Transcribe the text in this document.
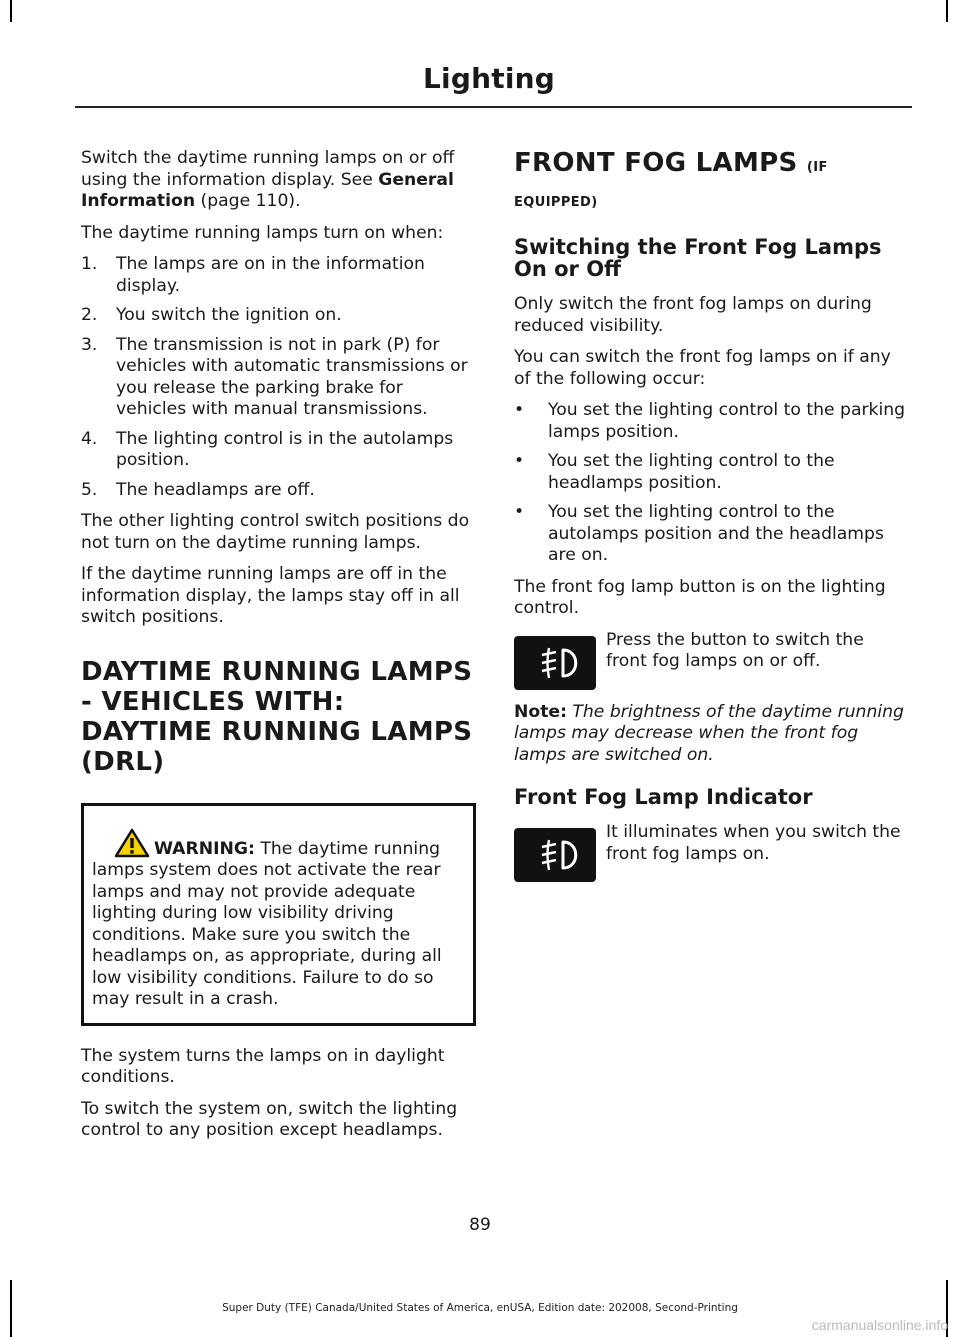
Lighting

Switch the daytime running lamps on or off using the information display. See General Information (page 110).

The daytime running lamps turn on when:

1. The lamps are on in the information display.
2. You switch the ignition on.
3. The transmission is not in park (P) for vehicles with automatic transmissions or you release the parking brake for vehicles with manual transmissions.
4. The lighting control is in the autolamps position.
5. The headlamps are off.

The other lighting control switch positions do not turn on the daytime running lamps.

If the daytime running lamps are off in the information display, the lamps stay off in all switch positions.

DAYTIME RUNNING LAMPS - VEHICLES WITH: DAYTIME RUNNING LAMPS (DRL)
WARNING: The daytime running lamps system does not activate the rear lamps and may not provide adequate lighting during low visibility driving conditions. Make sure you switch the headlamps on, as appropriate, during all low visibility conditions. Failure to do so may result in a crash.

The system turns the lamps on in daylight conditions.

To switch the system on, switch the lighting control to any position except headlamps.

FRONT FOG LAMPS (IF EQUIPPED)
Switching the Front Fog Lamps On or Off

Only switch the front fog lamps on during reduced visibility.

You can switch the front fog lamps on if any of the following occur:

• You set the lighting control to the parking lamps position.
• You set the lighting control to the headlamps position.
• You set the lighting control to the autolamps position and the headlamps are on.

The front fog lamp button is on the lighting control.

Press the button to switch the front fog lamps on or off.

Note: The brightness of the daytime running lamps may decrease when the front fog lamps are switched on.

Front Fog Lamp Indicator
It illuminates when you switch the front fog lamps on.
89
Super Duty (TFE) Canada/United States of America, enUSA, Edition date: 202008, Second-Printing
carmanualsonline.info
